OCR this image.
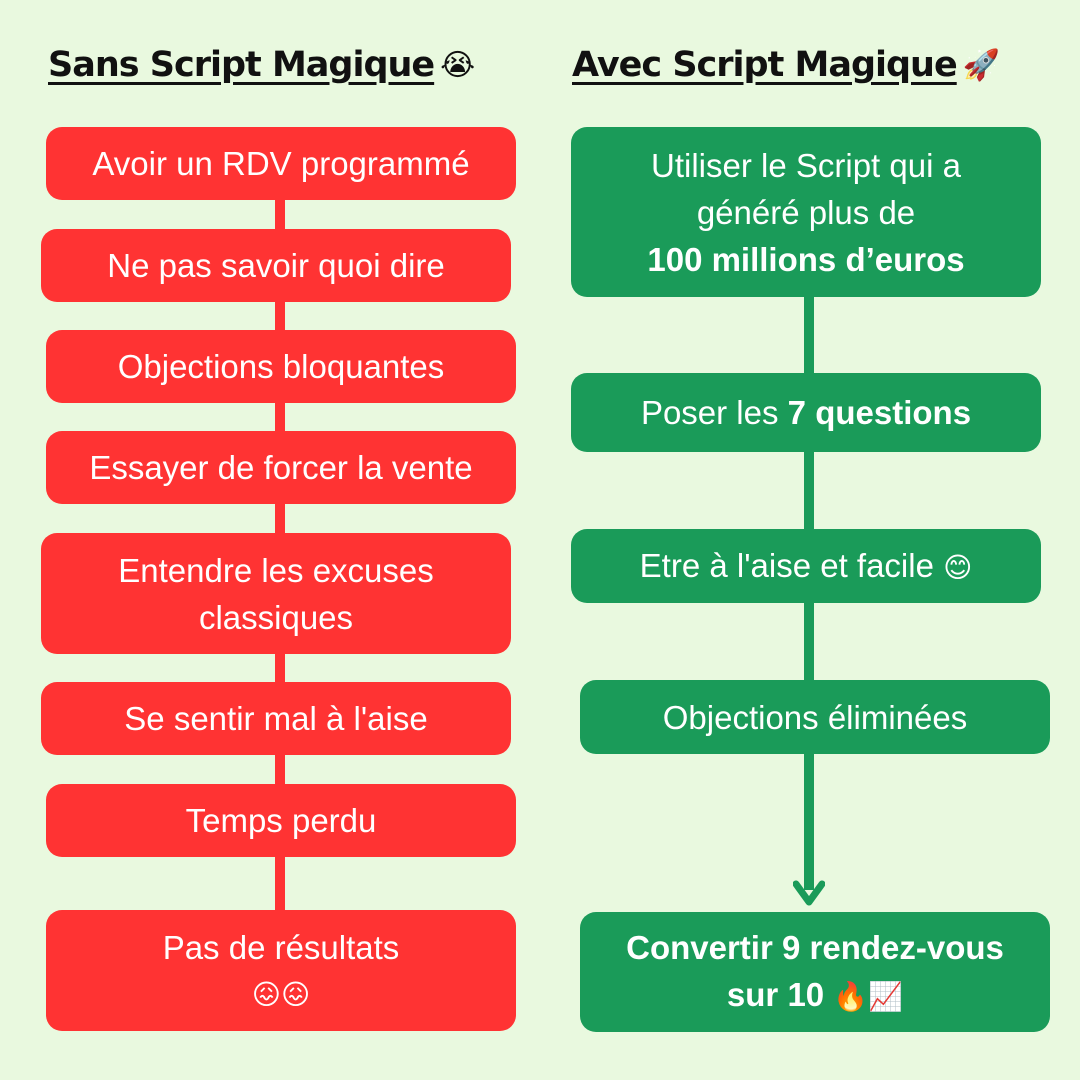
Sans Script Magique 😭	Avec Script Magique 🚀
Avoir un RDV programmé
Ne pas savoir quoi dire
Objections bloquantes
Essayer de forcer la vente
Entendre les excuses
classiques
Se sentir mal à l'aise
Temps perdu
Pas de résultats
😖😖
Utiliser le Script qui a
généré plus de
100 millions d’euros
Poser les 7 questions
Etre à l'aise et facile 😊
Objections éliminées
Convertir 9 rendez-vous
sur 10 🔥📈
